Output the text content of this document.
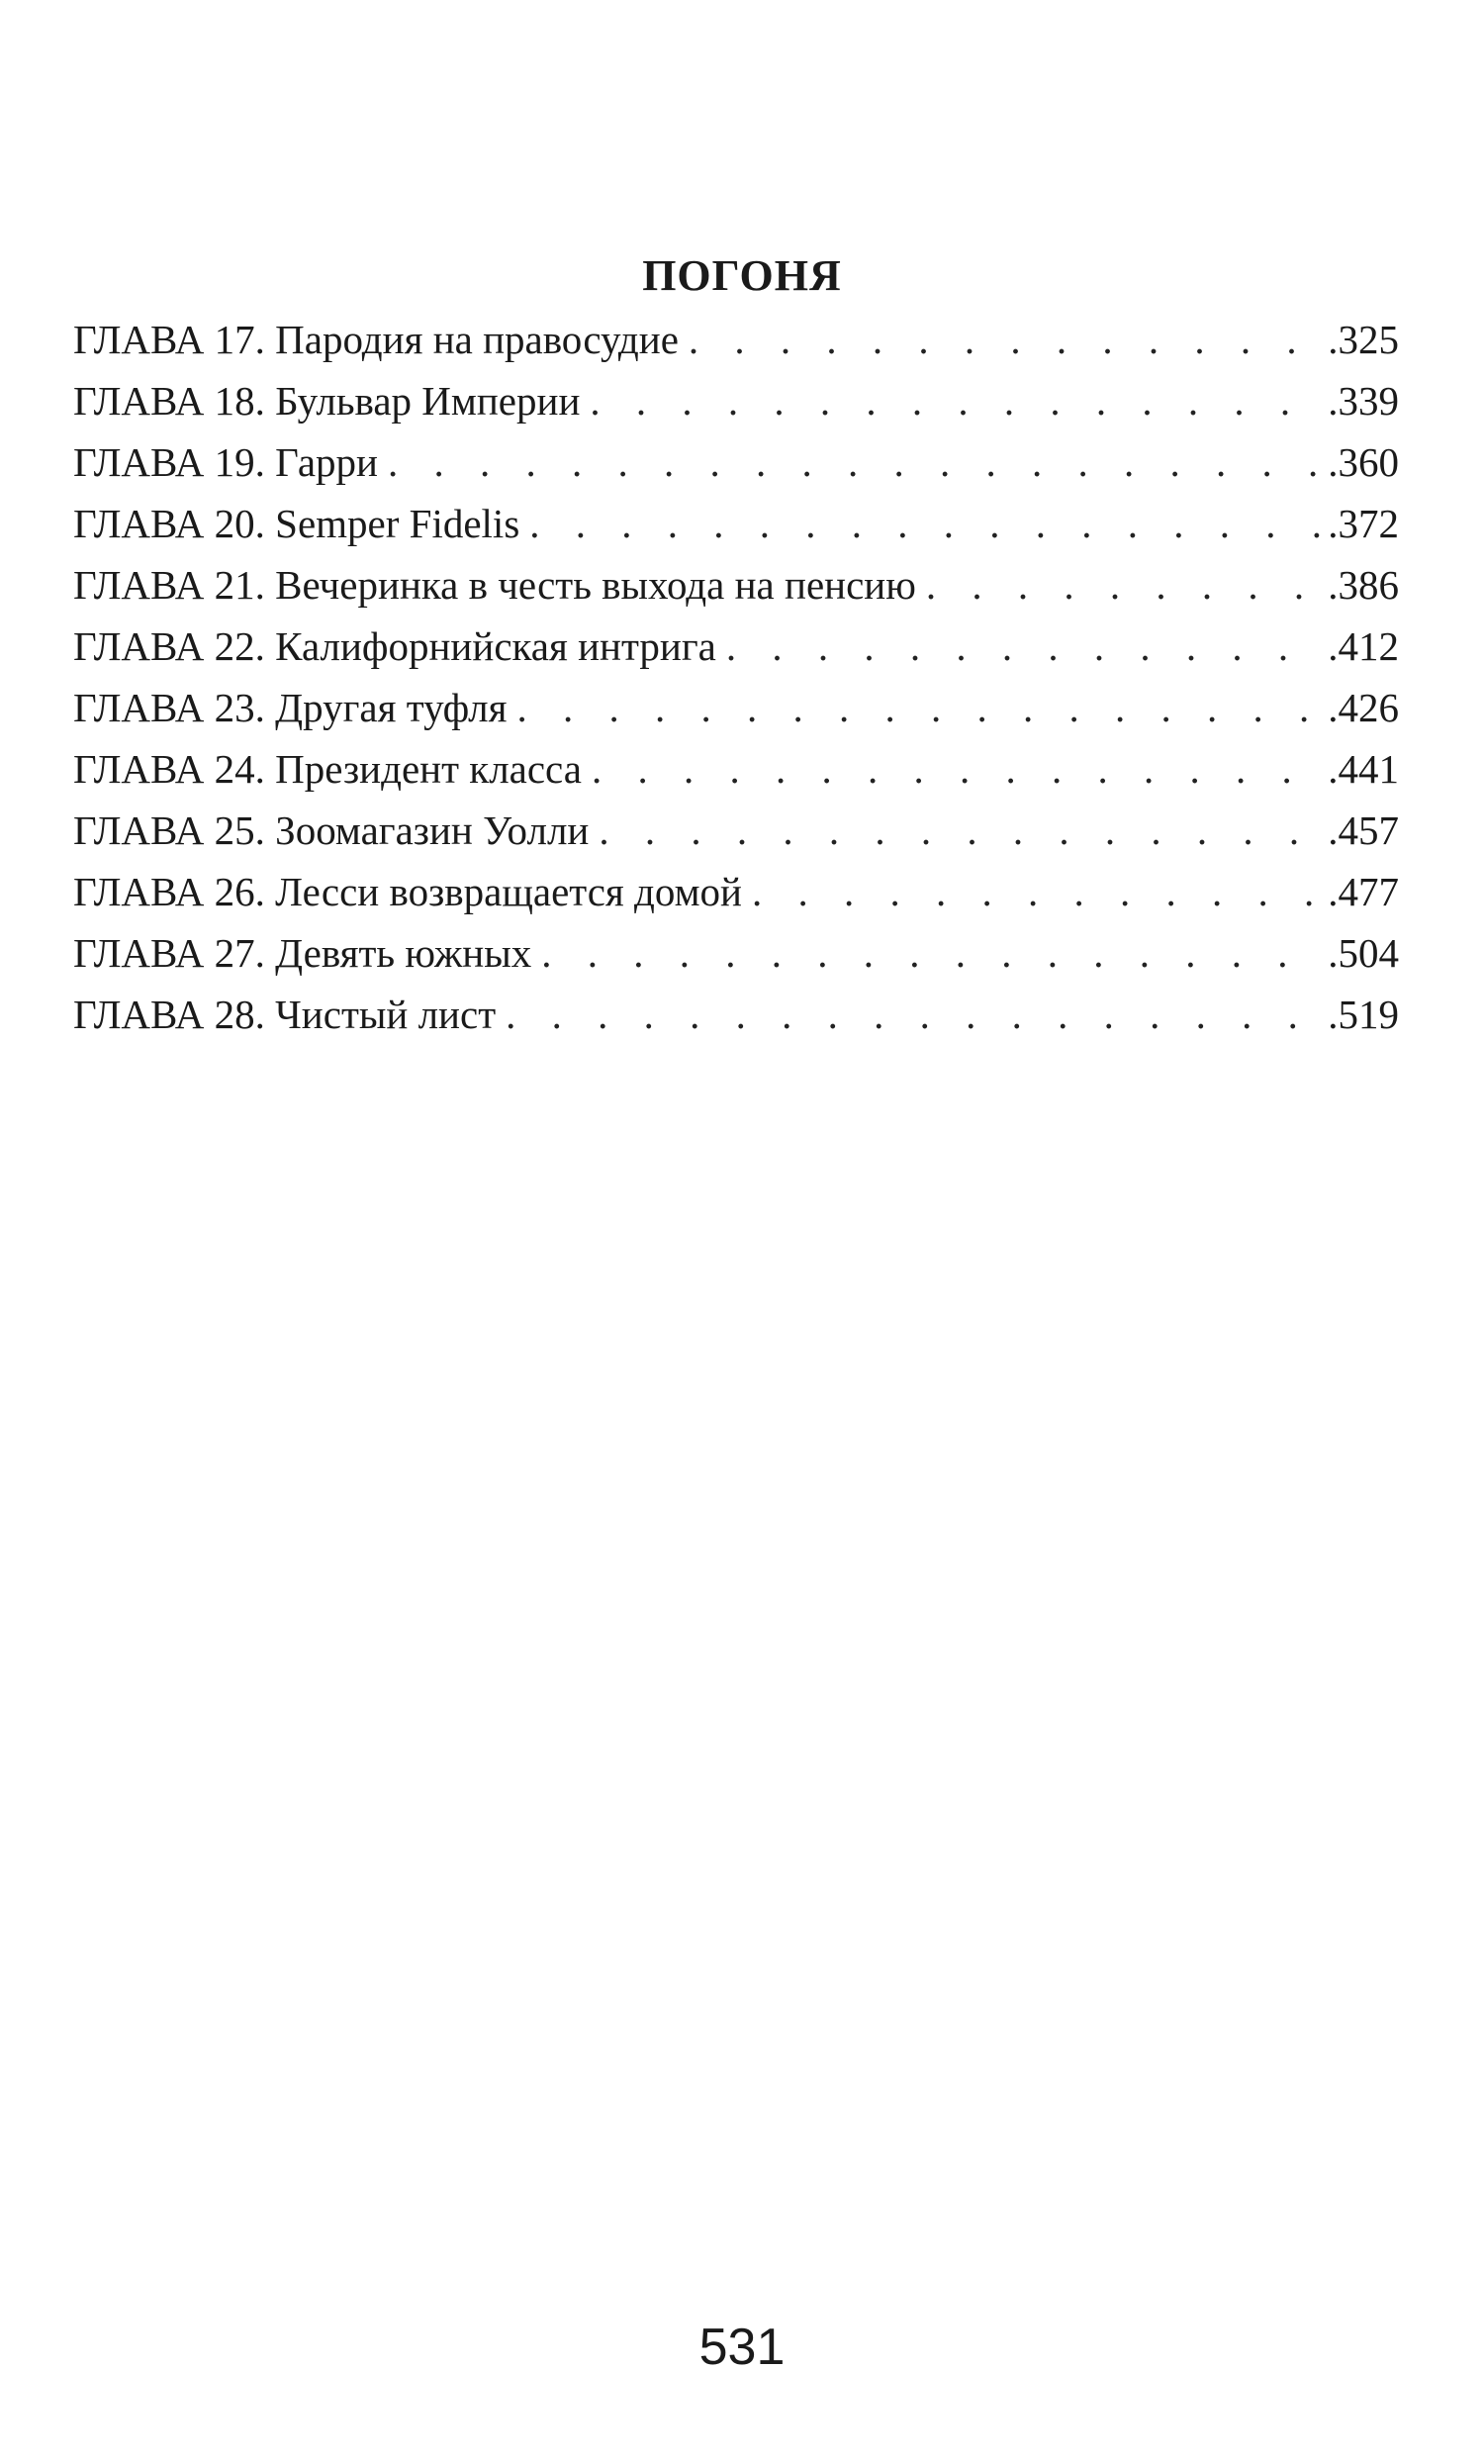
ПОГОНЯ
ГЛАВА 17. Пародия на правосудие . . .	.325
ГЛАВА 18. Бульвар Империи . . .	.339
ГЛАВА 19. Гарри . . .	.360
ГЛАВА 20. Semper Fidelis . . .	.372
ГЛАВА 21. Вечеринка в честь выхода на пенсию . . .	.386
ГЛАВА 22. Калифорнийская интрига . . .	.412
ГЛАВА 23. Другая туфля . . .	.426
ГЛАВА 24. Президент класса . . .	.441
ГЛАВА 25. Зоомагазин Уолли . . .	.457
ГЛАВА 26. Лесси возвращается домой . . .	.477
ГЛАВА 27. Девять южных . . .	.504
ГЛАВА 28. Чистый лист . . .	.519

531
